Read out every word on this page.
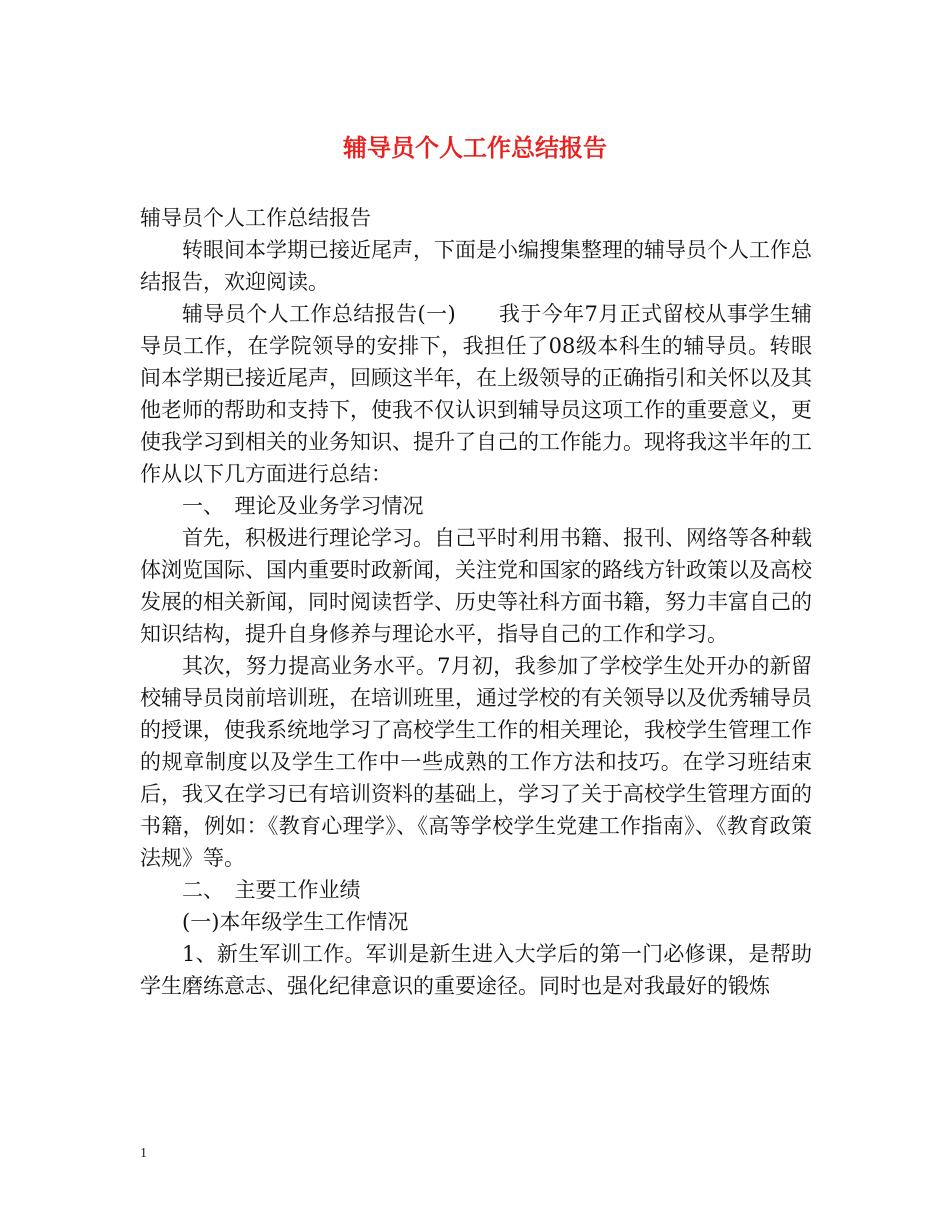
辅导员个人工作总结报告

辅导员个人工作总结报告

转眼间本学期已接近尾声，下面是小编搜集整理的辅导员个人工作总结报告，欢迎阅读。

辅导员个人工作总结报告(一)　　我于今年7月正式留校从事学生辅导员工作，在学院领导的安排下，我担任了08级本科生的辅导员。转眼间本学期已接近尾声，回顾这半年，在上级领导的正确指引和关怀以及其他老师的帮助和支持下，使我不仅认识到辅导员这项工作的重要意义，更使我学习到相关的业务知识、提升了自己的工作能力。现将我这半年的工作从以下几方面进行总结：

一、　理论及业务学习情况

首先，积极进行理论学习。自己平时利用书籍、报刊、网络等各种载体浏览国际、国内重要时政新闻，关注党和国家的路线方针政策以及高校发展的相关新闻，同时阅读哲学、历史等社科方面书籍，努力丰富自己的知识结构，提升自身修养与理论水平，指导自己的工作和学习。

其次，努力提高业务水平。7月初，我参加了学校学生处开办的新留校辅导员岗前培训班，在培训班里，通过学校的有关领导以及优秀辅导员的授课，使我系统地学习了高校学生工作的相关理论，我校学生管理工作的规章制度以及学生工作中一些成熟的工作方法和技巧。在学习班结束后，我又在学习已有培训资料的基础上，学习了关于高校学生管理方面的书籍，例如：《教育心理学》、《高等学校学生党建工作指南》、《教育政策法规》等。

二、　主要工作业绩

(一)本年级学生工作情况

1、新生军训工作。军训是新生进入大学后的第一门必修课，是帮助学生磨练意志、强化纪律意识的重要途径。同时也是对我最好的锻炼

1
